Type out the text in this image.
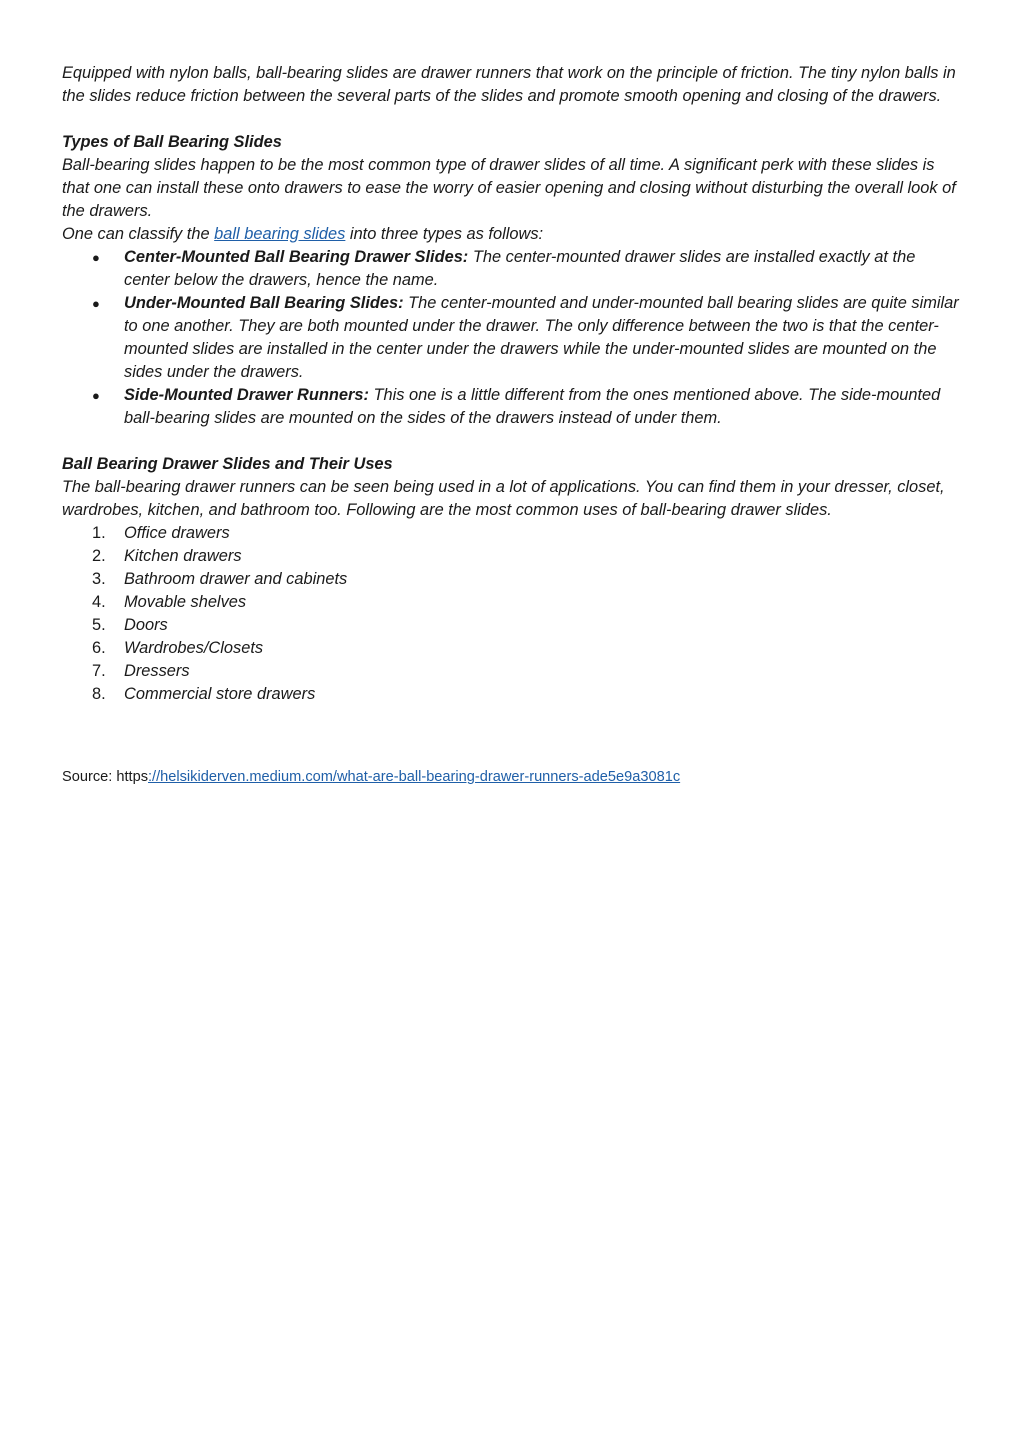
Equipped with nylon balls, ball-bearing slides are drawer runners that work on the principle of friction. The tiny nylon balls in the slides reduce friction between the several parts of the slides and promote smooth opening and closing of the drawers.

Types of Ball Bearing Slides

Ball-bearing slides happen to be the most common type of drawer slides of all time. A significant perk with these slides is that one can install these onto drawers to ease the worry of easier opening and closing without disturbing the overall look of the drawers.

One can classify the ball bearing slides into three types as follows:

● Center-Mounted Ball Bearing Drawer Slides: The center-mounted drawer slides are installed exactly at the center below the drawers, hence the name.
● Under-Mounted Ball Bearing Slides: The center-mounted and under-mounted ball bearing slides are quite similar to one another. They are both mounted under the drawer. The only difference between the two is that the center-mounted slides are installed in the center under the drawers while the under-mounted slides are mounted on the sides under the drawers.
● Side-Mounted Drawer Runners: This one is a little different from the ones mentioned above. The side-mounted ball-bearing slides are mounted on the sides of the drawers instead of under them.

Ball Bearing Drawer Slides and Their Uses

The ball-bearing drawer runners can be seen being used in a lot of applications. You can find them in your dresser, closet, wardrobes, kitchen, and bathroom too. Following are the most common uses of ball-bearing drawer slides.

1. Office drawers
2. Kitchen drawers
3. Bathroom drawer and cabinets
4. Movable shelves
5. Doors
6. Wardrobes/Closets
7. Dressers
8. Commercial store drawers
Source: https://helsikiderven.medium.com/what-are-ball-bearing-drawer-runners-ade5e9a3081c
